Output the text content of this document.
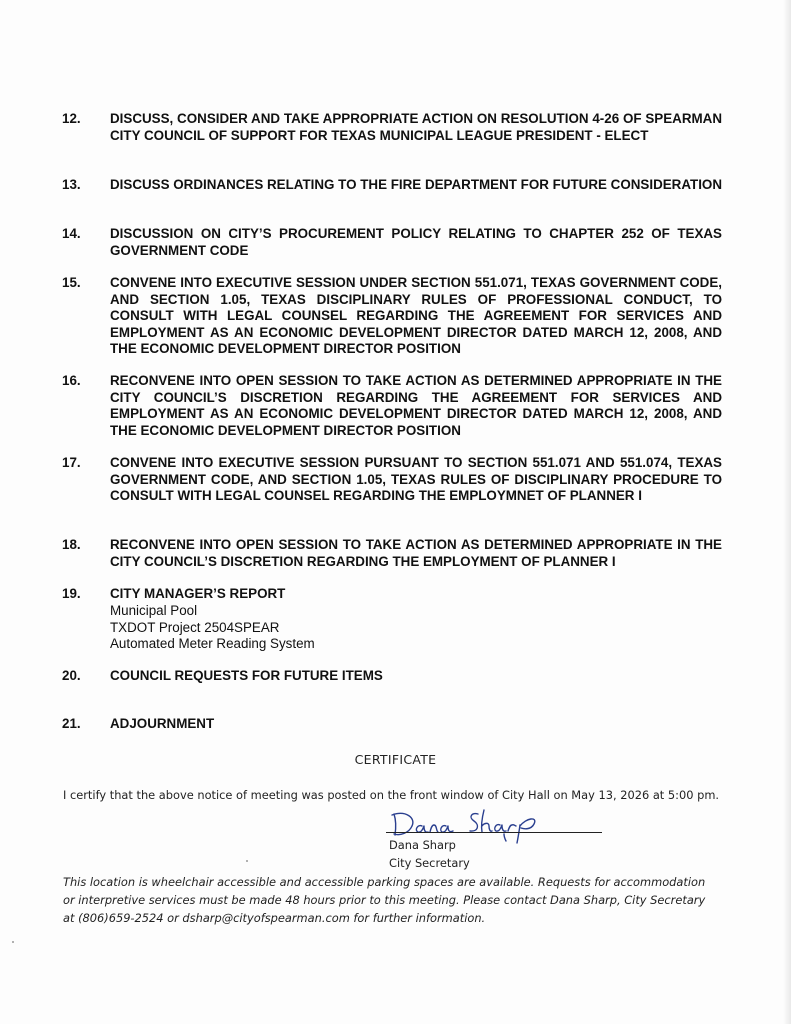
12.	DISCUSS, CONSIDER AND TAKE APPROPRIATE ACTION ON RESOLUTION 4-26 OF SPEARMAN CITY COUNCIL OF SUPPORT FOR TEXAS MUNICIPAL LEAGUE PRESIDENT - ELECT
13.	DISCUSS ORDINANCES RELATING TO THE FIRE DEPARTMENT FOR FUTURE CONSIDERATION
14.	DISCUSSION ON CITY’S PROCUREMENT POLICY RELATING TO CHAPTER 252 OF TEXAS GOVERNMENT CODE
15.	CONVENE INTO EXECUTIVE SESSION UNDER SECTION 551.071, TEXAS GOVERNMENT CODE, AND SECTION 1.05, TEXAS DISCIPLINARY RULES OF PROFESSIONAL CONDUCT, TO CONSULT WITH LEGAL COUNSEL REGARDING THE AGREEMENT FOR SERVICES AND EMPLOYMENT AS AN ECONOMIC DEVELOPMENT DIRECTOR DATED MARCH 12, 2008, AND THE ECONOMIC DEVELOPMENT DIRECTOR POSITION
16.	RECONVENE INTO OPEN SESSION TO TAKE ACTION AS DETERMINED APPROPRIATE IN THE CITY COUNCIL’S DISCRETION REGARDING THE AGREEMENT FOR SERVICES AND EMPLOYMENT AS AN ECONOMIC DEVELOPMENT DIRECTOR DATED MARCH 12, 2008, AND THE ECONOMIC DEVELOPMENT DIRECTOR POSITION
17.	CONVENE INTO EXECUTIVE SESSION PURSUANT TO SECTION 551.071 AND 551.074, TEXAS GOVERNMENT CODE, AND SECTION 1.05, TEXAS RULES OF DISCIPLINARY PROCEDURE TO CONSULT WITH LEGAL COUNSEL REGARDING THE EMPLOYMNET OF PLANNER I
18.	RECONVENE INTO OPEN SESSION TO TAKE ACTION AS DETERMINED APPROPRIATE IN THE CITY COUNCIL’S DISCRETION REGARDING THE EMPLOYMENT OF PLANNER I
19.	CITY MANAGER’S REPORT
Municipal Pool
TXDOT Project 2504SPEAR
Automated Meter Reading System
20.	COUNCIL REQUESTS FOR FUTURE ITEMS
21.	ADJOURNMENT
CERTIFICATE
I certify that the above notice of meeting was posted on the front window of City Hall on May 13, 2026 at 5:00 pm.
Dana Sharp
City Secretary
This location is wheelchair accessible and accessible parking spaces are available. Requests for accommodation
or interpretive services must be made 48 hours prior to this meeting. Please contact Dana Sharp, City Secretary
at (806)659-2524 or dsharp@cityofspearman.com for further information.
